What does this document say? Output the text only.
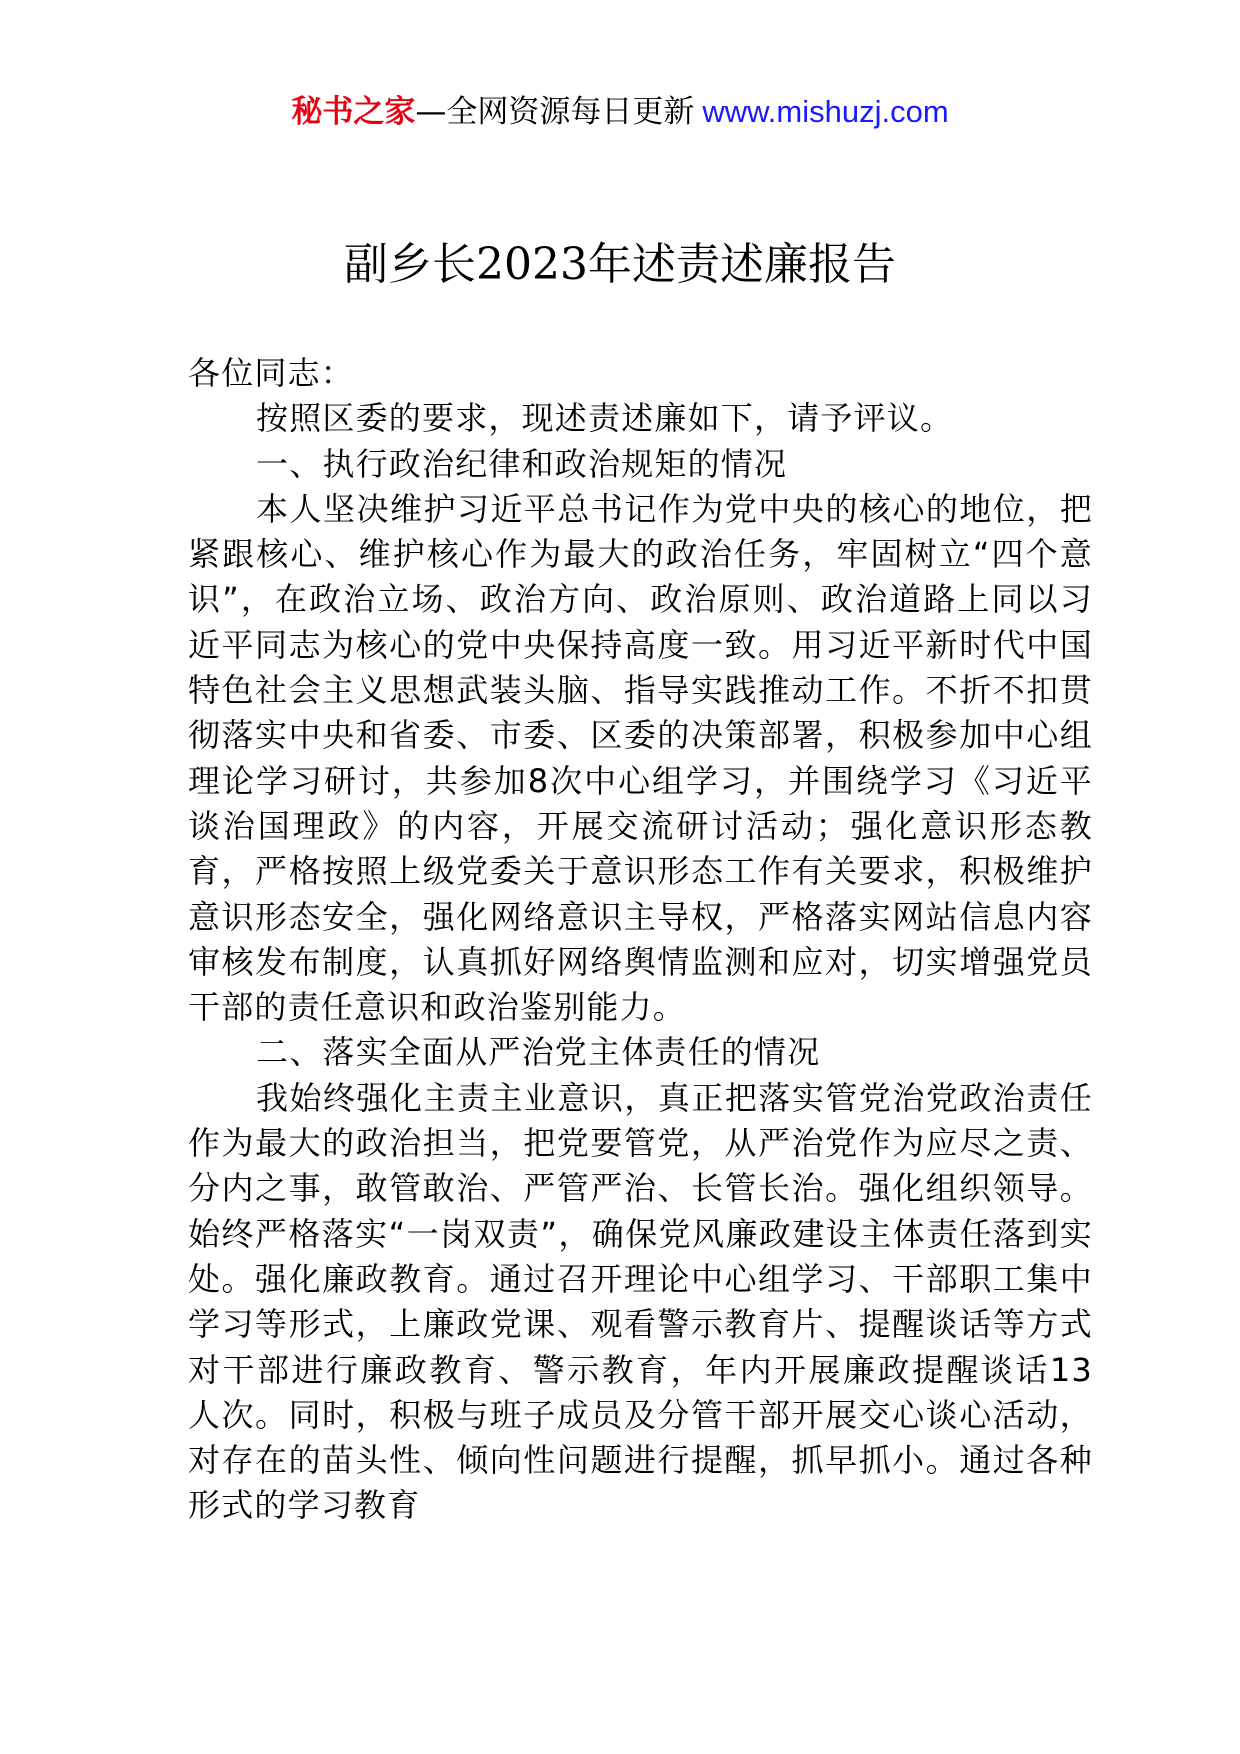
秘书之家—全网资源每日更新 www.mishuzj.com
副乡长2023年述责述廉报告

各位同志：

按照区委的要求，现述责述廉如下，请予评议。

一、执行政治纪律和政治规矩的情况

本人坚决维护习近平总书记作为党中央的核心的地位，把紧跟核心、维护核心作为最大的政治任务，牢固树立“四个意识”，在政治立场、政治方向、政治原则、政治道路上同以习近平同志为核心的党中央保持高度一致。用习近平新时代中国特色社会主义思想武装头脑、指导实践推动工作。不折不扣贯彻落实中央和省委、市委、区委的决策部署，积极参加中心组理论学习研讨，共参加8次中心组学习，并围绕学习《习近平谈治国理政》的内容，开展交流研讨活动；强化意识形态教育，严格按照上级党委关于意识形态工作有关要求，积极维护意识形态安全，强化网络意识主导权，严格落实网站信息内容审核发布制度，认真抓好网络舆情监测和应对，切实增强党员干部的责任意识和政治鉴别能力。

二、落实全面从严治党主体责任的情况

我始终强化主责主业意识，真正把落实管党治党政治责任作为最大的政治担当，把党要管党，从严治党作为应尽之责、分内之事，敢管敢治、严管严治、长管长治。强化组织领导。始终严格落实“一岗双责”，确保党风廉政建设主体责任落到实处。强化廉政教育。通过召开理论中心组学习、干部职工集中学习等形式，上廉政党课、观看警示教育片、提醒谈话等方式对干部进行廉政教育、警示教育，年内开展廉政提醒谈话13人次。同时，积极与班子成员及分管干部开展交心谈心活动，对存在的苗头性、倾向性问题进行提醒，抓早抓小。通过各种形式的学习教育
